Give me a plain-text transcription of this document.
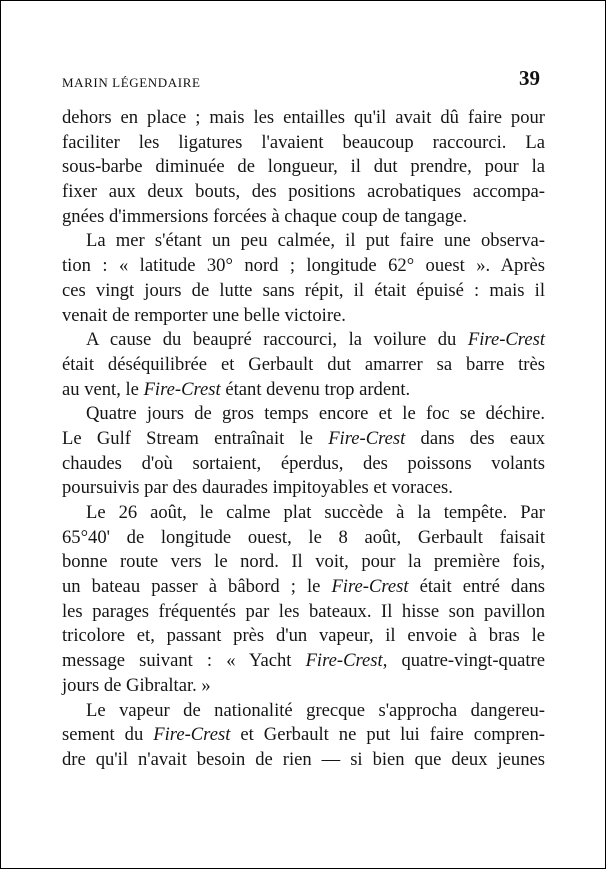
MARIN LÉGENDAIRE	39
dehors en place ; mais les entailles qu'il avait dû faire pour
faciliter les ligatures l'avaient beaucoup raccourci. La
sous-barbe diminuée de longueur, il dut prendre, pour la
fixer aux deux bouts, des positions acrobatiques accompa-
gnées d'immersions forcées à chaque coup de tangage.
La mer s'étant un peu calmée, il put faire une observa-
tion : « latitude 30° nord ; longitude 62° ouest ». Après
ces vingt jours de lutte sans répit, il était épuisé : mais il
venait de remporter une belle victoire.
A cause du beaupré raccourci, la voilure du Fire-Crest
était déséquilibrée et Gerbault dut amarrer sa barre très
au vent, le Fire-Crest étant devenu trop ardent.
Quatre jours de gros temps encore et le foc se déchire.
Le Gulf Stream entraînait le Fire-Crest dans des eaux
chaudes d'où sortaient, éperdus, des poissons volants
poursuivis par des daurades impitoyables et voraces.
Le 26 août, le calme plat succède à la tempête. Par
65°40' de longitude ouest, le 8 août, Gerbault faisait
bonne route vers le nord. Il voit, pour la première fois,
un bateau passer à bâbord ; le Fire-Crest était entré dans
les parages fréquentés par les bateaux. Il hisse son pavillon
tricolore et, passant près d'un vapeur, il envoie à bras le
message suivant : « Yacht Fire-Crest, quatre-vingt-quatre
jours de Gibraltar. »
Le vapeur de nationalité grecque s'approcha dangereu-
sement du Fire-Crest et Gerbault ne put lui faire compren-
dre qu'il n'avait besoin de rien — si bien que deux jeunes
